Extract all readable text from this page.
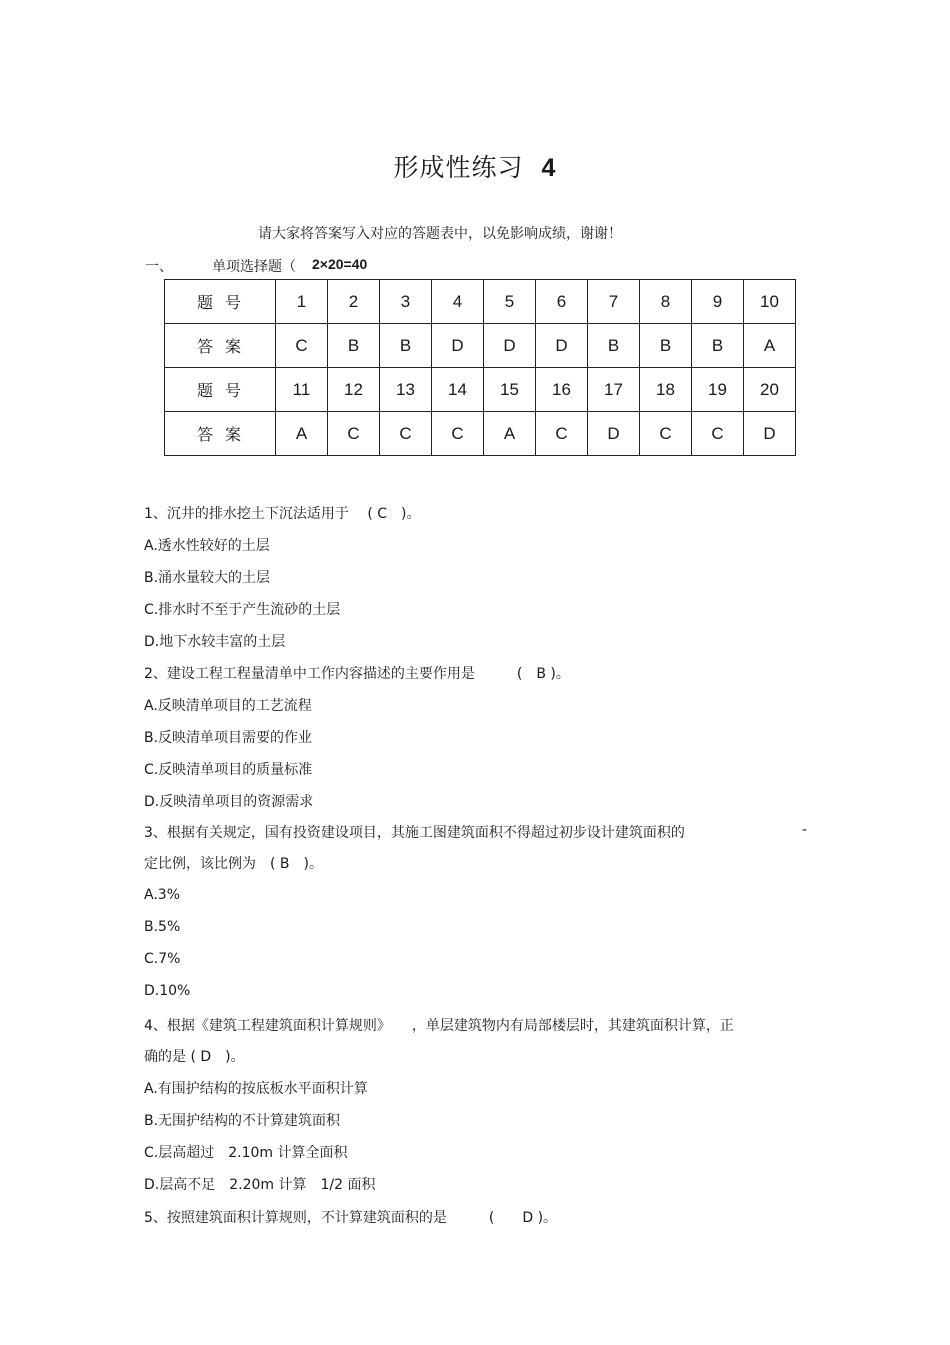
形成性练习 4
请大家将答案写入对应的答题表中，以免影响成绩，谢谢！
一、	单项选择题（ 2×20=40
题号	1	2	3	4	5	6	7	8	9	10
答案	C	B	B	D	D	D	B	B	B	A
题号	11	12	13	14	15	16	17	18	19	20
答案	A	C	C	C	A	C	D	C	C	D
1、沉井的排水挖土下沉法适用于　 ( C　)。
A.透水性较好的土层
B.涌水量较大的土层
C.排水时不至于产生流砂的土层
D.地下水较丰富的土层
2、建设工程工程量清单中工作内容描述的主要作用是　　　(　B )。
A.反映清单项目的工艺流程
B.反映清单项目需要的作业
C.反映清单项目的质量标准
D.反映清单项目的资源需求
3、根据有关规定，国有投资建设项目，其施工图建筑面积不得超过初步设计建筑面积的	-
定比例，该比例为　( B　)。
A.3%
B.5%
C.7%
D.10%
4、根据《建筑工程建筑面积计算规则》　　，单层建筑物内有局部楼层时，其建筑面积计算，正
确的是 ( D　)。
A.有围护结构的按底板水平面积计算
B.无围护结构的不计算建筑面积
C.层高超过　2.10m 计算全面积
D.层高不足　2.20m 计算　1/2 面积
5、按照建筑面积计算规则，不计算建筑面积的是　　　(　　D )。
